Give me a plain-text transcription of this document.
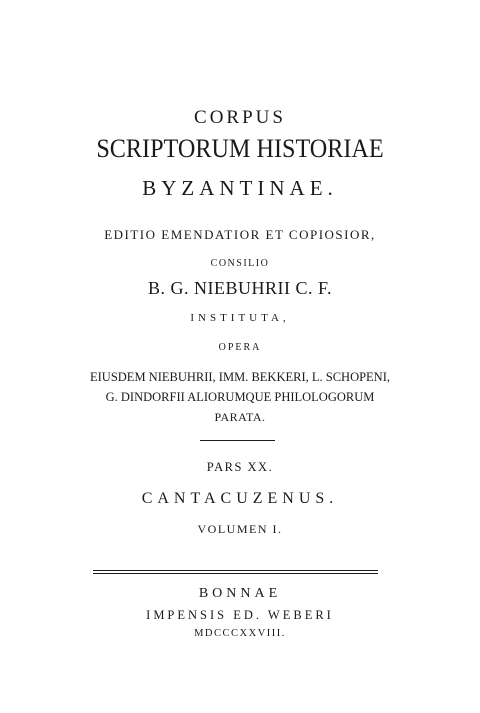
CORPUS
SCRIPTORUM HISTORIAE
BYZANTINAE.
EDITIO EMENDATIOR ET COPIOSIOR,
CONSILIO
B. G. NIEBUHRII C. F.
INSTITUTA,
OPERA
EIUSDEM NIEBUHRII, IMM. BEKKERI, L. SCHOPENI,
G. DINDORFII ALIORUMQUE PHILOLOGORUM
PARATA.
PARS XX.
CANTACUZENUS.
VOLUMEN I.
BONNAE
IMPENSIS ED. WEBERI
MDCCCXXVIII.
